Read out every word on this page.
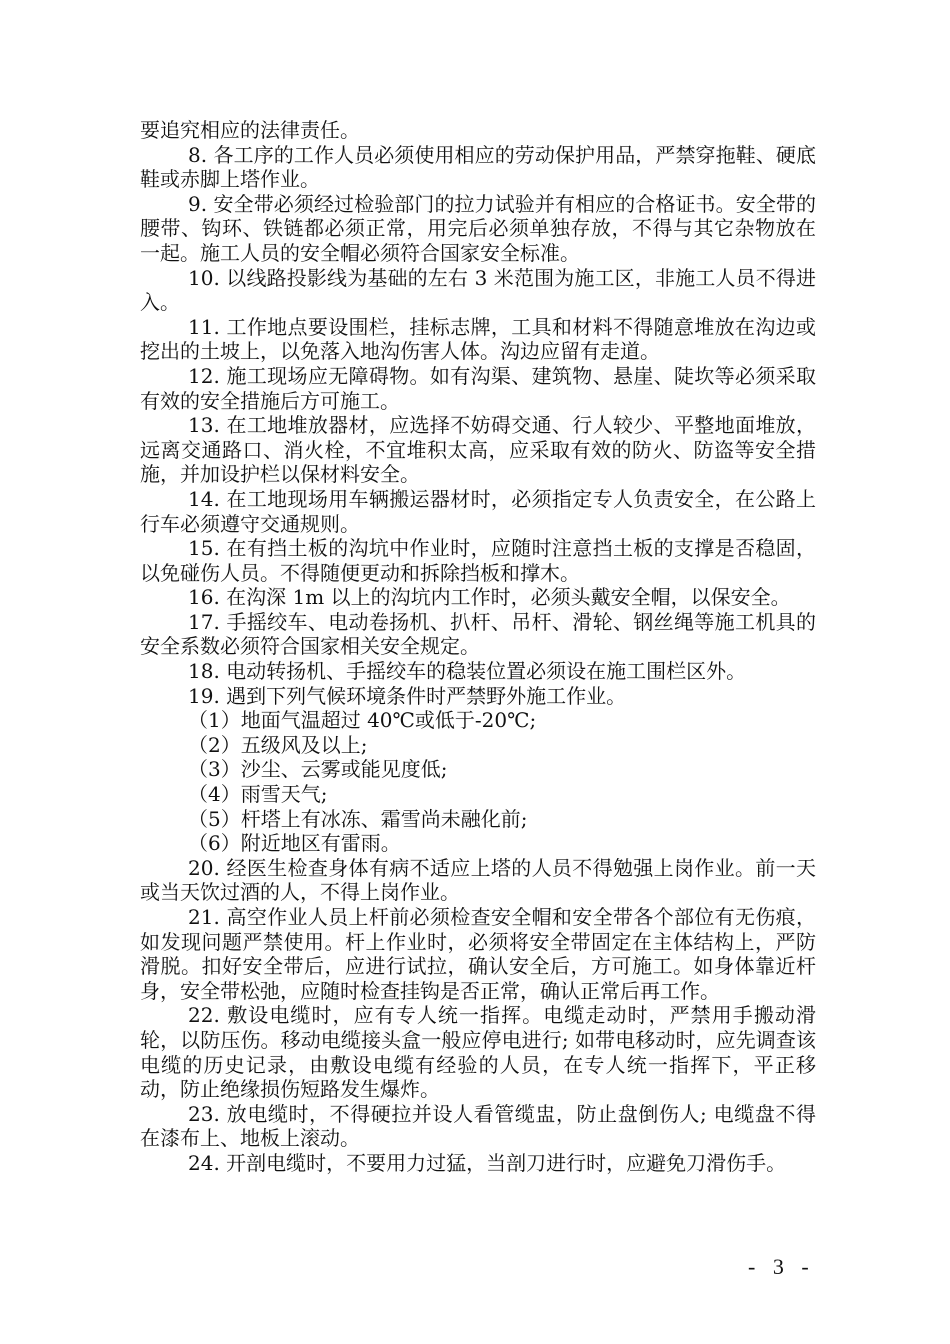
要追究相应的法律责任。

8. 各工序的工作人员必须使用相应的劳动保护用品，严禁穿拖鞋、硬底鞋或赤脚上塔作业。

9. 安全带必须经过检验部门的拉力试验并有相应的合格证书。安全带的腰带、钩环、铁链都必须正常，用完后必须单独存放，不得与其它杂物放在一起。施工人员的安全帽必须符合国家安全标准。

10. 以线路投影线为基础的左右 3 米范围为施工区，非施工人员不得进入。

11. 工作地点要设围栏，挂标志牌，工具和材料不得随意堆放在沟边或挖出的土坡上，以免落入地沟伤害人体。沟边应留有走道。

12. 施工现场应无障碍物。如有沟渠、建筑物、悬崖、陡坎等必须采取有效的安全措施后方可施工。

13. 在工地堆放器材，应选择不妨碍交通、行人较少、平整地面堆放，远离交通路口、消火栓，不宜堆积太高，应采取有效的防火、防盗等安全措施，并加设护栏以保材料安全。

14. 在工地现场用车辆搬运器材时，必须指定专人负责安全，在公路上行车必须遵守交通规则。

15. 在有挡土板的沟坑中作业时，应随时注意挡土板的支撑是否稳固，以免碰伤人员。不得随便更动和拆除挡板和撑木。

16. 在沟深 1m 以上的沟坑内工作时，必须头戴安全帽，以保安全。

17. 手摇绞车、电动卷扬机、扒杆、吊杆、滑轮、钢丝绳等施工机具的安全系数必须符合国家相关安全规定。

18. 电动转扬机、手摇绞车的稳装位置必须设在施工围栏区外。

19. 遇到下列气候环境条件时严禁野外施工作业。

（1）地面气温超过 40℃或低于-20℃;

（2）五级风及以上;

（3）沙尘、云雾或能见度低;

（4）雨雪天气;

（5）杆塔上有冰冻、霜雪尚未融化前;

（6）附近地区有雷雨。

20. 经医生检查身体有病不适应上塔的人员不得勉强上岗作业。前一天或当天饮过酒的人，不得上岗作业。

21. 高空作业人员上杆前必须检查安全帽和安全带各个部位有无伤痕，如发现问题严禁使用。杆上作业时，必须将安全带固定在主体结构上，严防滑脱。扣好安全带后，应进行试拉，确认安全后，方可施工。如身体靠近杆身，安全带松弛，应随时检查挂钩是否正常，确认正常后再工作。

22. 敷设电缆时，应有专人统一指挥。电缆走动时，严禁用手搬动滑轮，以防压伤。移动电缆接头盒一般应停电进行; 如带电移动时，应先调查该电缆的历史记录，由敷设电缆有经验的人员，在专人统一指挥下，平正移动，防止绝缘损伤短路发生爆炸。

23. 放电缆时，不得硬拉并设人看管缆盅，防止盘倒伤人; 电缆盘不得在漆布上、地板上滚动。

24. 开剖电缆时，不要用力过猛，当剖刀进行时，应避免刀滑伤手。

- 3 -
